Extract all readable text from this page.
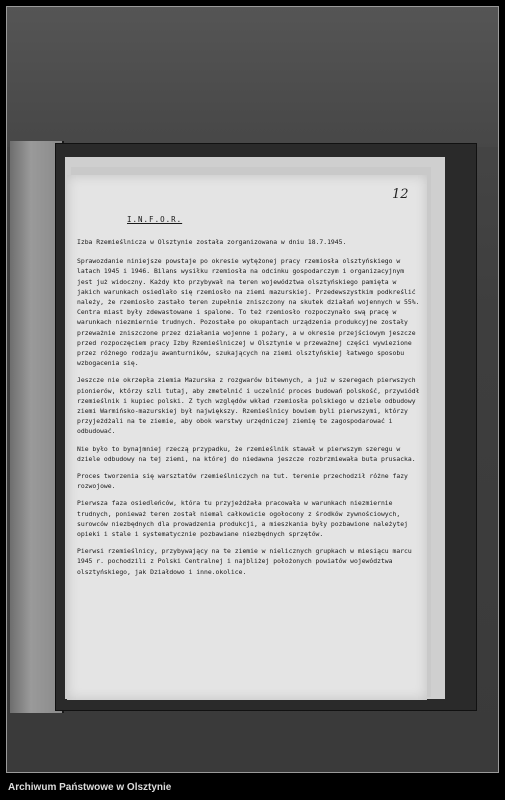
12
I.N.F.O.R.

Izba Rzemieślnicza w Olsztynie została zorganizowana w dniu 18.7.1945.

Sprawozdanie niniejsze powstaje po okresie wytężonej pracy rzemiosła olsztyńskiego w latach 1945 i 1946. Bilans wysiłku rzemiosła na odcinku gospodarczym i organizacyjnym jest już widoczny. Każdy kto przybywał na teren województwa olsztyńskiego pamięta w jakich warunkach osiedlało się rzemiosło na ziemi mazurskiej. Przedewszystkim podkreślić należy, że rzemiosło zastało teren zupełnie zniszczony na skutek działań wojennych w 55%. Centra miast były zdewastowane i spalone. To też rzemiosło rozpoczynało swą pracę w warunkach niezmiernie trudnych. Pozostałe po okupantach urządzenia produkcyjne zostały przeważnie zniszczone przez działania wojenne i pożary, a w okresie przejściowym jeszcze przed rozpoczęciem pracy Izby Rzemieślniczej w Olsztynie w przeważnej części wywiezione przez różnego rodzaju awanturników, szukających na ziemi olsztyńskiej łatwego sposobu wzbogacenia się.

Jeszcze nie okrzepła ziemia Mazurska z rozgwarów bitewnych, a już w szeregach pierwszych pionierów, którzy szli tutaj, aby zmetelnić i uczelnić proces budowań polskość, przywiódł rzemieślnik i kupiec polski. Z tych względów wkład rzemiosła polskiego w dziele odbudowy ziemi Warmińsko-mazurskiej był największy. Rzemieślnicy bowiem byli pierwszymi, którzy przyjeżdżali na te ziemie, aby obok warstwy urzędniczej ziemię te zagospodarować i odbudować.

Nie było to bynajmniej rzeczą przypadku, że rzemieślnik stawał w pierwszym szeregu w dziele odbudowy na tej ziemi, na której do niedawna jeszcze rozbrzmiewała buta prusacka.

Proces tworzenia się warsztatów rzemieślniczych na tut. terenie przechodził różne fazy rozwojowe.

Pierwsza faza osiedleńców, która tu przyjeżdżała pracowała w warunkach niezmiernie trudnych, ponieważ teren został niemal całkowicie ogołocony z środków zywnościowych, surowców niezbędnych dla prowadzenia produkcji, a mieszkania były pozbawione należytej opieki i stale i systematycznie pozbawiane niezbędnych sprzętów.

Pierwsi rzemieślnicy, przybywający na te ziemie w nielicznych grupkach w miesiącu marcu 1945 r. pochodzili z Polski Centralnej i najbliżej położonych powiatów województwa olsztyńskiego, jak Działdowo i inne.okolice.

Archiwum Państwowe w Olsztynie
